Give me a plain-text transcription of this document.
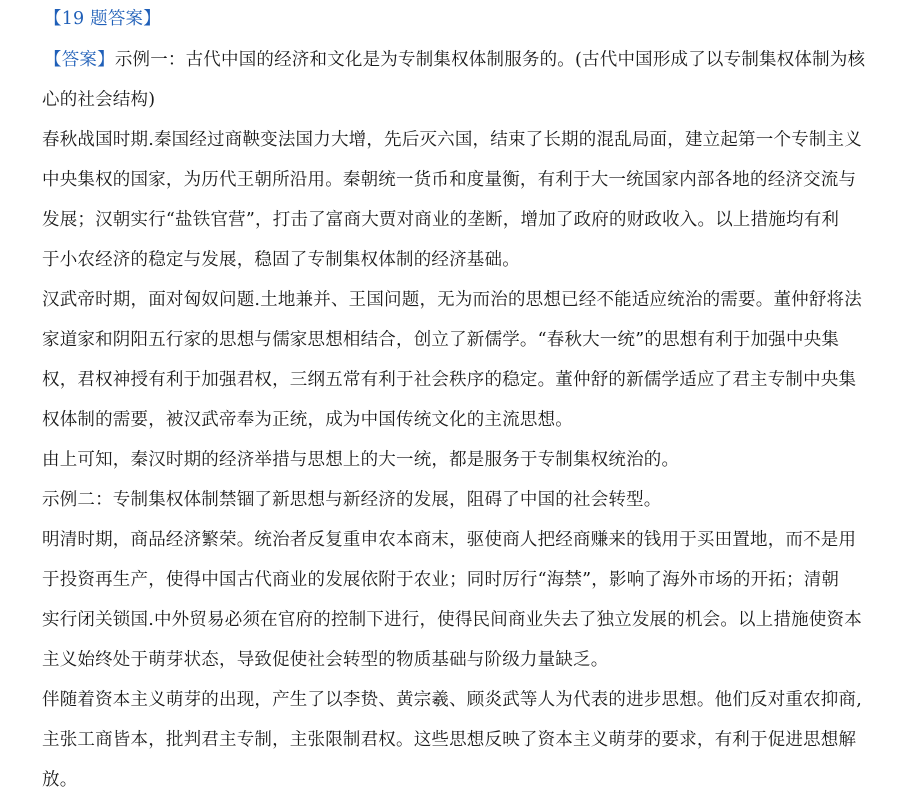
【19 题答案】
【答案】示例一：古代中国的经济和文化是为专制集权体制服务的。(古代中国形成了以专制集权体制为核
心的社会结构)
春秋战国时期.秦国经过商鞅变法国力大增，先后灭六国，结束了长期的混乱局面，建立起第一个专制主义
中央集权的国家，为历代王朝所沿用。秦朝统一货币和度量衡，有利于大一统国家内部各地的经济交流与
发展；汉朝实行“盐铁官营”，打击了富商大贾对商业的垄断，增加了政府的财政收入。以上措施均有利
于小农经济的稳定与发展，稳固了专制集权体制的经济基础。
汉武帝时期，面对匈奴问题.土地兼并、王国问题，无为而治的思想已经不能适应统治的需要。董仲舒将法
家道家和阴阳五行家的思想与儒家思想相结合，创立了新儒学。“春秋大一统”的思想有利于加强中央集
权，君权神授有利于加强君权，三纲五常有利于社会秩序的稳定。董仲舒的新儒学适应了君主专制中央集
权体制的需要，被汉武帝奉为正统，成为中国传统文化的主流思想。
由上可知，秦汉时期的经济举措与思想上的大一统，都是服务于专制集权统治的。
示例二：专制集权体制禁锢了新思想与新经济的发展，阻碍了中国的社会转型。
明清时期，商品经济繁荣。统治者反复重申农本商末，驱使商人把经商赚来的钱用于买田置地，而不是用
于投资再生产，使得中国古代商业的发展依附于农业；同时厉行“海禁”，影响了海外市场的开拓；清朝
实行闭关锁国.中外贸易必须在官府的控制下进行，使得民间商业失去了独立发展的机会。以上措施使资本
主义始终处于萌芽状态，导致促使社会转型的物质基础与阶级力量缺乏。
伴随着资本主义萌芽的出现，产生了以李贽、黄宗羲、顾炎武等人为代表的进步思想。他们反对重农抑商,
主张工商皆本，批判君主专制，主张限制君权。这些思想反映了资本主义萌芽的要求，有利于促进思想解
放。
